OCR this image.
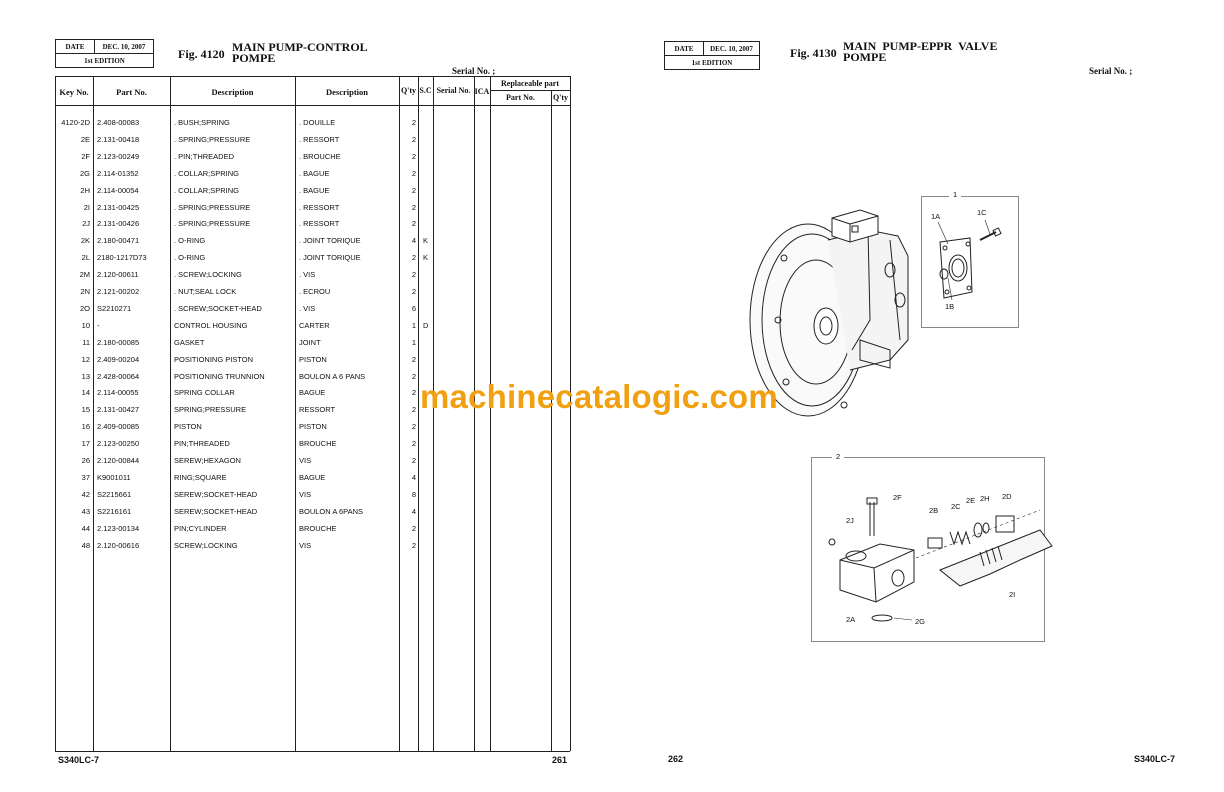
DATE	DEC. 10, 2007
1st EDITION	Fig. 4120 MAIN PUMP-CONTROL
POMPE
Serial No. ;
Key No.	Part No.	Description	Description	Q'ty S.C Serial No. ICA
Replaceable part
Part No.	Q'ty
4120-2D 2.408-00083	. BUSH;SPRING	. DOUILLE	2
2E 2.131-00418	. SPRING;PRESSURE	. RESSORT	2
2F 2.123-00249	. PIN;THREADED	. BROUCHE	2
2G 2.114-01352	. COLLAR;SPRING	. BAGUE	2
2H 2.114-00054	. COLLAR;SPRING	. BAGUE	2
2I 2.131-00425	. SPRING;PRESSURE	. RESSORT	2
2J 2.131-00426	. SPRING;PRESSURE	. RESSORT	2
2K 2.180-00471	. O-RING	. JOINT TORIQUE	4 K
2L 2180-1217D73	. O-RING	. JOINT TORIQUE	2 K
2M 2.120-00611	. SCREW;LOCKING	. VIS	2
2N 2.121-00202	. NUT;SEAL LOCK	. ECROU	2
2O S2210271	. SCREW;SOCKET-HEAD	. VIS	6
10 -	CONTROL HOUSING	CARTER	1 D
11 2.180-00085	GASKET	JOINT	1
12 2.409-00204	POSITIONING PISTON	PISTON	2
13 2.428-00064	POSITIONING TRUNNION	BOULON A 6 PANS	2
14 2.114-00055	SPRING COLLAR	BAGUE	2
15 2.131-00427	SPRING;PRESSURE	RESSORT	2
16 2.409-00085	PISTON	PISTON	2
17 2.123-00250	PIN;THREADED	BROUCHE	2
26 2.120-00844	SEREW;HEXAGON	VIS	2
37 K9001011	RING;SQUARE	BAGUE	4
42 S2215661	SEREW;SOCKET-HEAD	VIS	8
43 S2216161	SEREW;SOCKET-HEAD	BOULON A 6PANS	4
44 2.123-00134	PIN;CYLINDER	BROUCHE	2
48 2.120-00616	SCREW;LOCKING	VIS	2
S340LC-7	261
DATE	DEC. 10, 2007
1st EDITION
Fig. 4130 MAIN  PUMP-EPPR  VALVE
POMPE
Serial No. ;
1
1A	1C
1B
2
2F
2B 2C
2E 2H 2D
2J
2I
2A	2G
262	S340LC-7
machinecatalogic.com
